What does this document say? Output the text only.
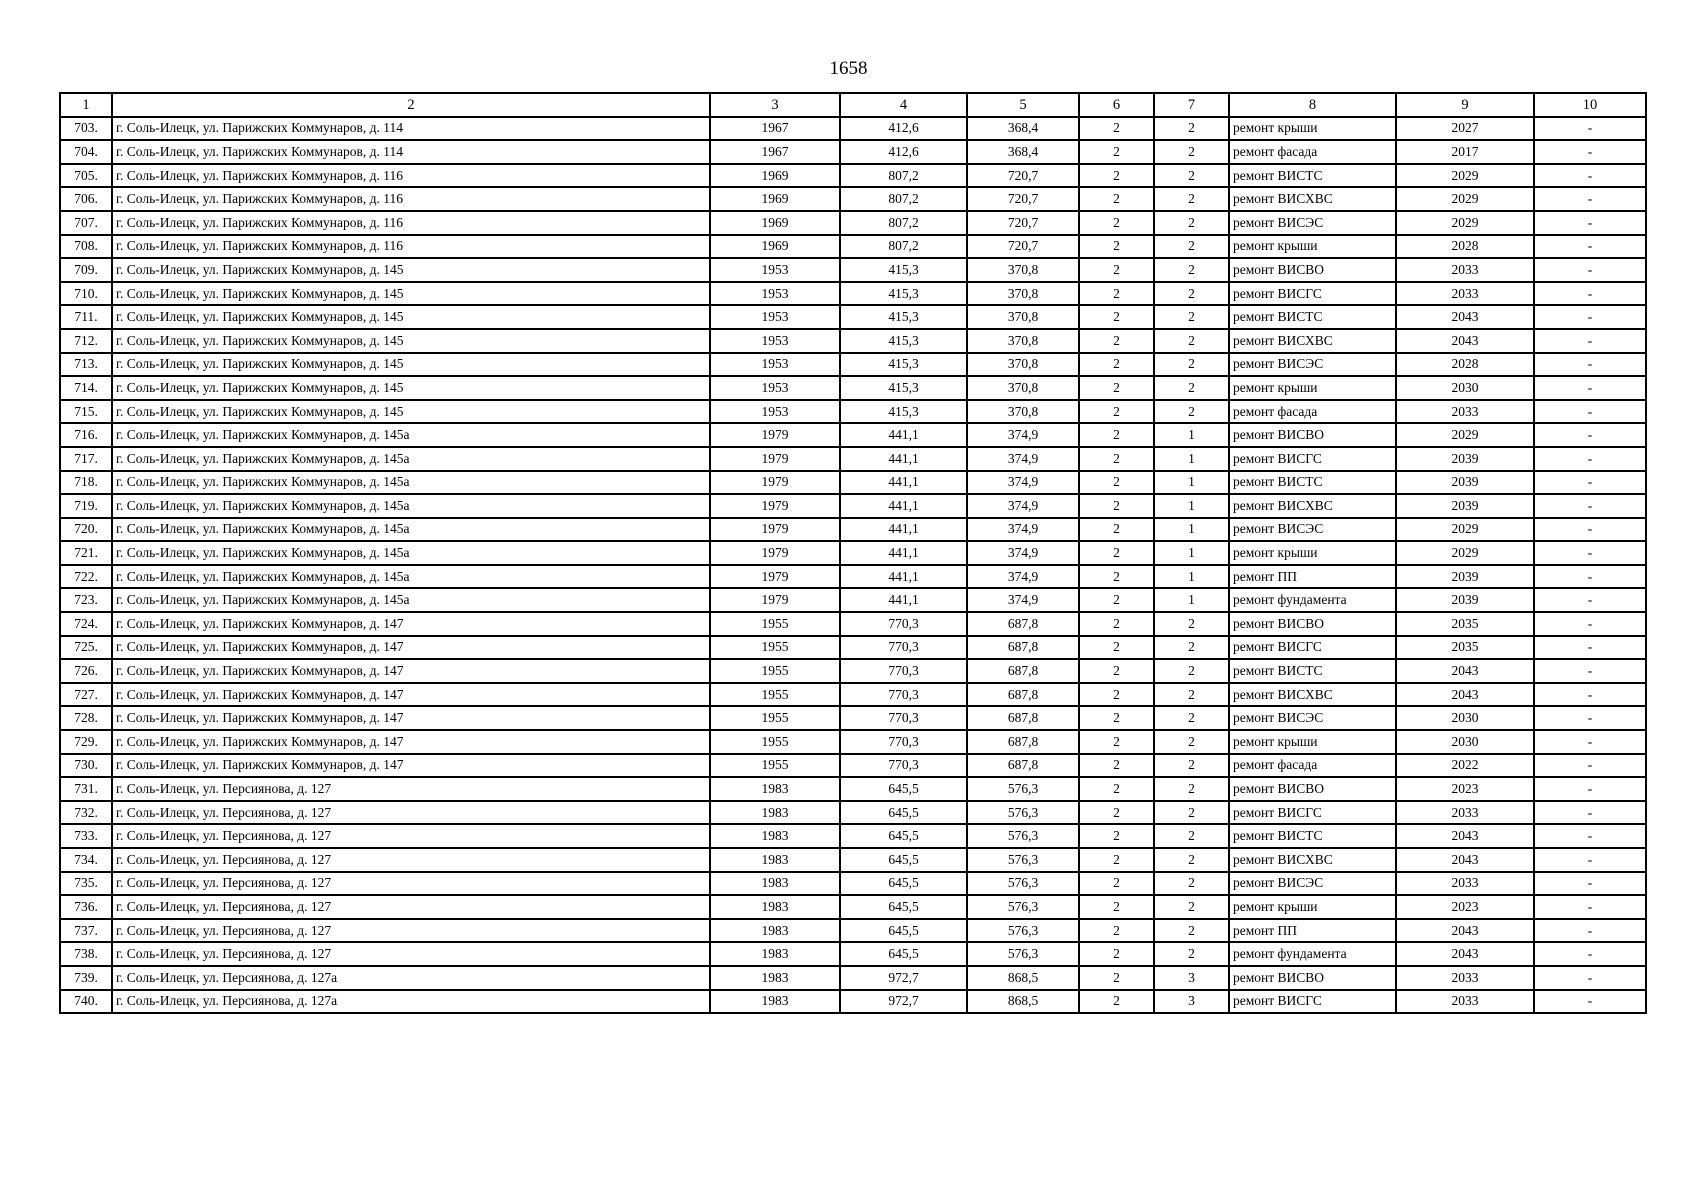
1658
1	2	3	4	5	6	7	8	9	10
703.	г. Соль-Илецк, ул. Парижских Коммунаров, д. 114	1967	412,6	368,4	2	2	ремонт крыши	2027	-
704.	г. Соль-Илецк, ул. Парижских Коммунаров, д. 114	1967	412,6	368,4	2	2	ремонт фасада	2017	-
705.	г. Соль-Илецк, ул. Парижских Коммунаров, д. 116	1969	807,2	720,7	2	2	ремонт ВИСТС	2029	-
706.	г. Соль-Илецк, ул. Парижских Коммунаров, д. 116	1969	807,2	720,7	2	2	ремонт ВИСХВС	2029	-
707.	г. Соль-Илецк, ул. Парижских Коммунаров, д. 116	1969	807,2	720,7	2	2	ремонт ВИСЭС	2029	-
708.	г. Соль-Илецк, ул. Парижских Коммунаров, д. 116	1969	807,2	720,7	2	2	ремонт крыши	2028	-
709.	г. Соль-Илецк, ул. Парижских Коммунаров, д. 145	1953	415,3	370,8	2	2	ремонт ВИСВО	2033	-
710.	г. Соль-Илецк, ул. Парижских Коммунаров, д. 145	1953	415,3	370,8	2	2	ремонт ВИСГС	2033	-
711.	г. Соль-Илецк, ул. Парижских Коммунаров, д. 145	1953	415,3	370,8	2	2	ремонт ВИСТС	2043	-
712.	г. Соль-Илецк, ул. Парижских Коммунаров, д. 145	1953	415,3	370,8	2	2	ремонт ВИСХВС	2043	-
713.	г. Соль-Илецк, ул. Парижских Коммунаров, д. 145	1953	415,3	370,8	2	2	ремонт ВИСЭС	2028	-
714.	г. Соль-Илецк, ул. Парижских Коммунаров, д. 145	1953	415,3	370,8	2	2	ремонт крыши	2030	-
715.	г. Соль-Илецк, ул. Парижских Коммунаров, д. 145	1953	415,3	370,8	2	2	ремонт фасада	2033	-
716.	г. Соль-Илецк, ул. Парижских Коммунаров, д. 145а	1979	441,1	374,9	2	1	ремонт ВИСВО	2029	-
717.	г. Соль-Илецк, ул. Парижских Коммунаров, д. 145а	1979	441,1	374,9	2	1	ремонт ВИСГС	2039	-
718.	г. Соль-Илецк, ул. Парижских Коммунаров, д. 145а	1979	441,1	374,9	2	1	ремонт ВИСТС	2039	-
719.	г. Соль-Илецк, ул. Парижских Коммунаров, д. 145а	1979	441,1	374,9	2	1	ремонт ВИСХВС	2039	-
720.	г. Соль-Илецк, ул. Парижских Коммунаров, д. 145а	1979	441,1	374,9	2	1	ремонт ВИСЭС	2029	-
721.	г. Соль-Илецк, ул. Парижских Коммунаров, д. 145а	1979	441,1	374,9	2	1	ремонт крыши	2029	-
722.	г. Соль-Илецк, ул. Парижских Коммунаров, д. 145а	1979	441,1	374,9	2	1	ремонт ПП	2039	-
723.	г. Соль-Илецк, ул. Парижских Коммунаров, д. 145а	1979	441,1	374,9	2	1	ремонт фундамента	2039	-
724.	г. Соль-Илецк, ул. Парижских Коммунаров, д. 147	1955	770,3	687,8	2	2	ремонт ВИСВО	2035	-
725.	г. Соль-Илецк, ул. Парижских Коммунаров, д. 147	1955	770,3	687,8	2	2	ремонт ВИСГС	2035	-
726.	г. Соль-Илецк, ул. Парижских Коммунаров, д. 147	1955	770,3	687,8	2	2	ремонт ВИСТС	2043	-
727.	г. Соль-Илецк, ул. Парижских Коммунаров, д. 147	1955	770,3	687,8	2	2	ремонт ВИСХВС	2043	-
728.	г. Соль-Илецк, ул. Парижских Коммунаров, д. 147	1955	770,3	687,8	2	2	ремонт ВИСЭС	2030	-
729.	г. Соль-Илецк, ул. Парижских Коммунаров, д. 147	1955	770,3	687,8	2	2	ремонт крыши	2030	-
730.	г. Соль-Илецк, ул. Парижских Коммунаров, д. 147	1955	770,3	687,8	2	2	ремонт фасада	2022	-
731.	г. Соль-Илецк, ул. Персиянова, д. 127	1983	645,5	576,3	2	2	ремонт ВИСВО	2023	-
732.	г. Соль-Илецк, ул. Персиянова, д. 127	1983	645,5	576,3	2	2	ремонт ВИСГС	2033	-
733.	г. Соль-Илецк, ул. Персиянова, д. 127	1983	645,5	576,3	2	2	ремонт ВИСТС	2043	-
734.	г. Соль-Илецк, ул. Персиянова, д. 127	1983	645,5	576,3	2	2	ремонт ВИСХВС	2043	-
735.	г. Соль-Илецк, ул. Персиянова, д. 127	1983	645,5	576,3	2	2	ремонт ВИСЭС	2033	-
736.	г. Соль-Илецк, ул. Персиянова, д. 127	1983	645,5	576,3	2	2	ремонт крыши	2023	-
737.	г. Соль-Илецк, ул. Персиянова, д. 127	1983	645,5	576,3	2	2	ремонт ПП	2043	-
738.	г. Соль-Илецк, ул. Персиянова, д. 127	1983	645,5	576,3	2	2	ремонт фундамента	2043	-
739.	г. Соль-Илецк, ул. Персиянова, д. 127а	1983	972,7	868,5	2	3	ремонт ВИСВО	2033	-
740.	г. Соль-Илецк, ул. Персиянова, д. 127а	1983	972,7	868,5	2	3	ремонт ВИСГС	2033	-
